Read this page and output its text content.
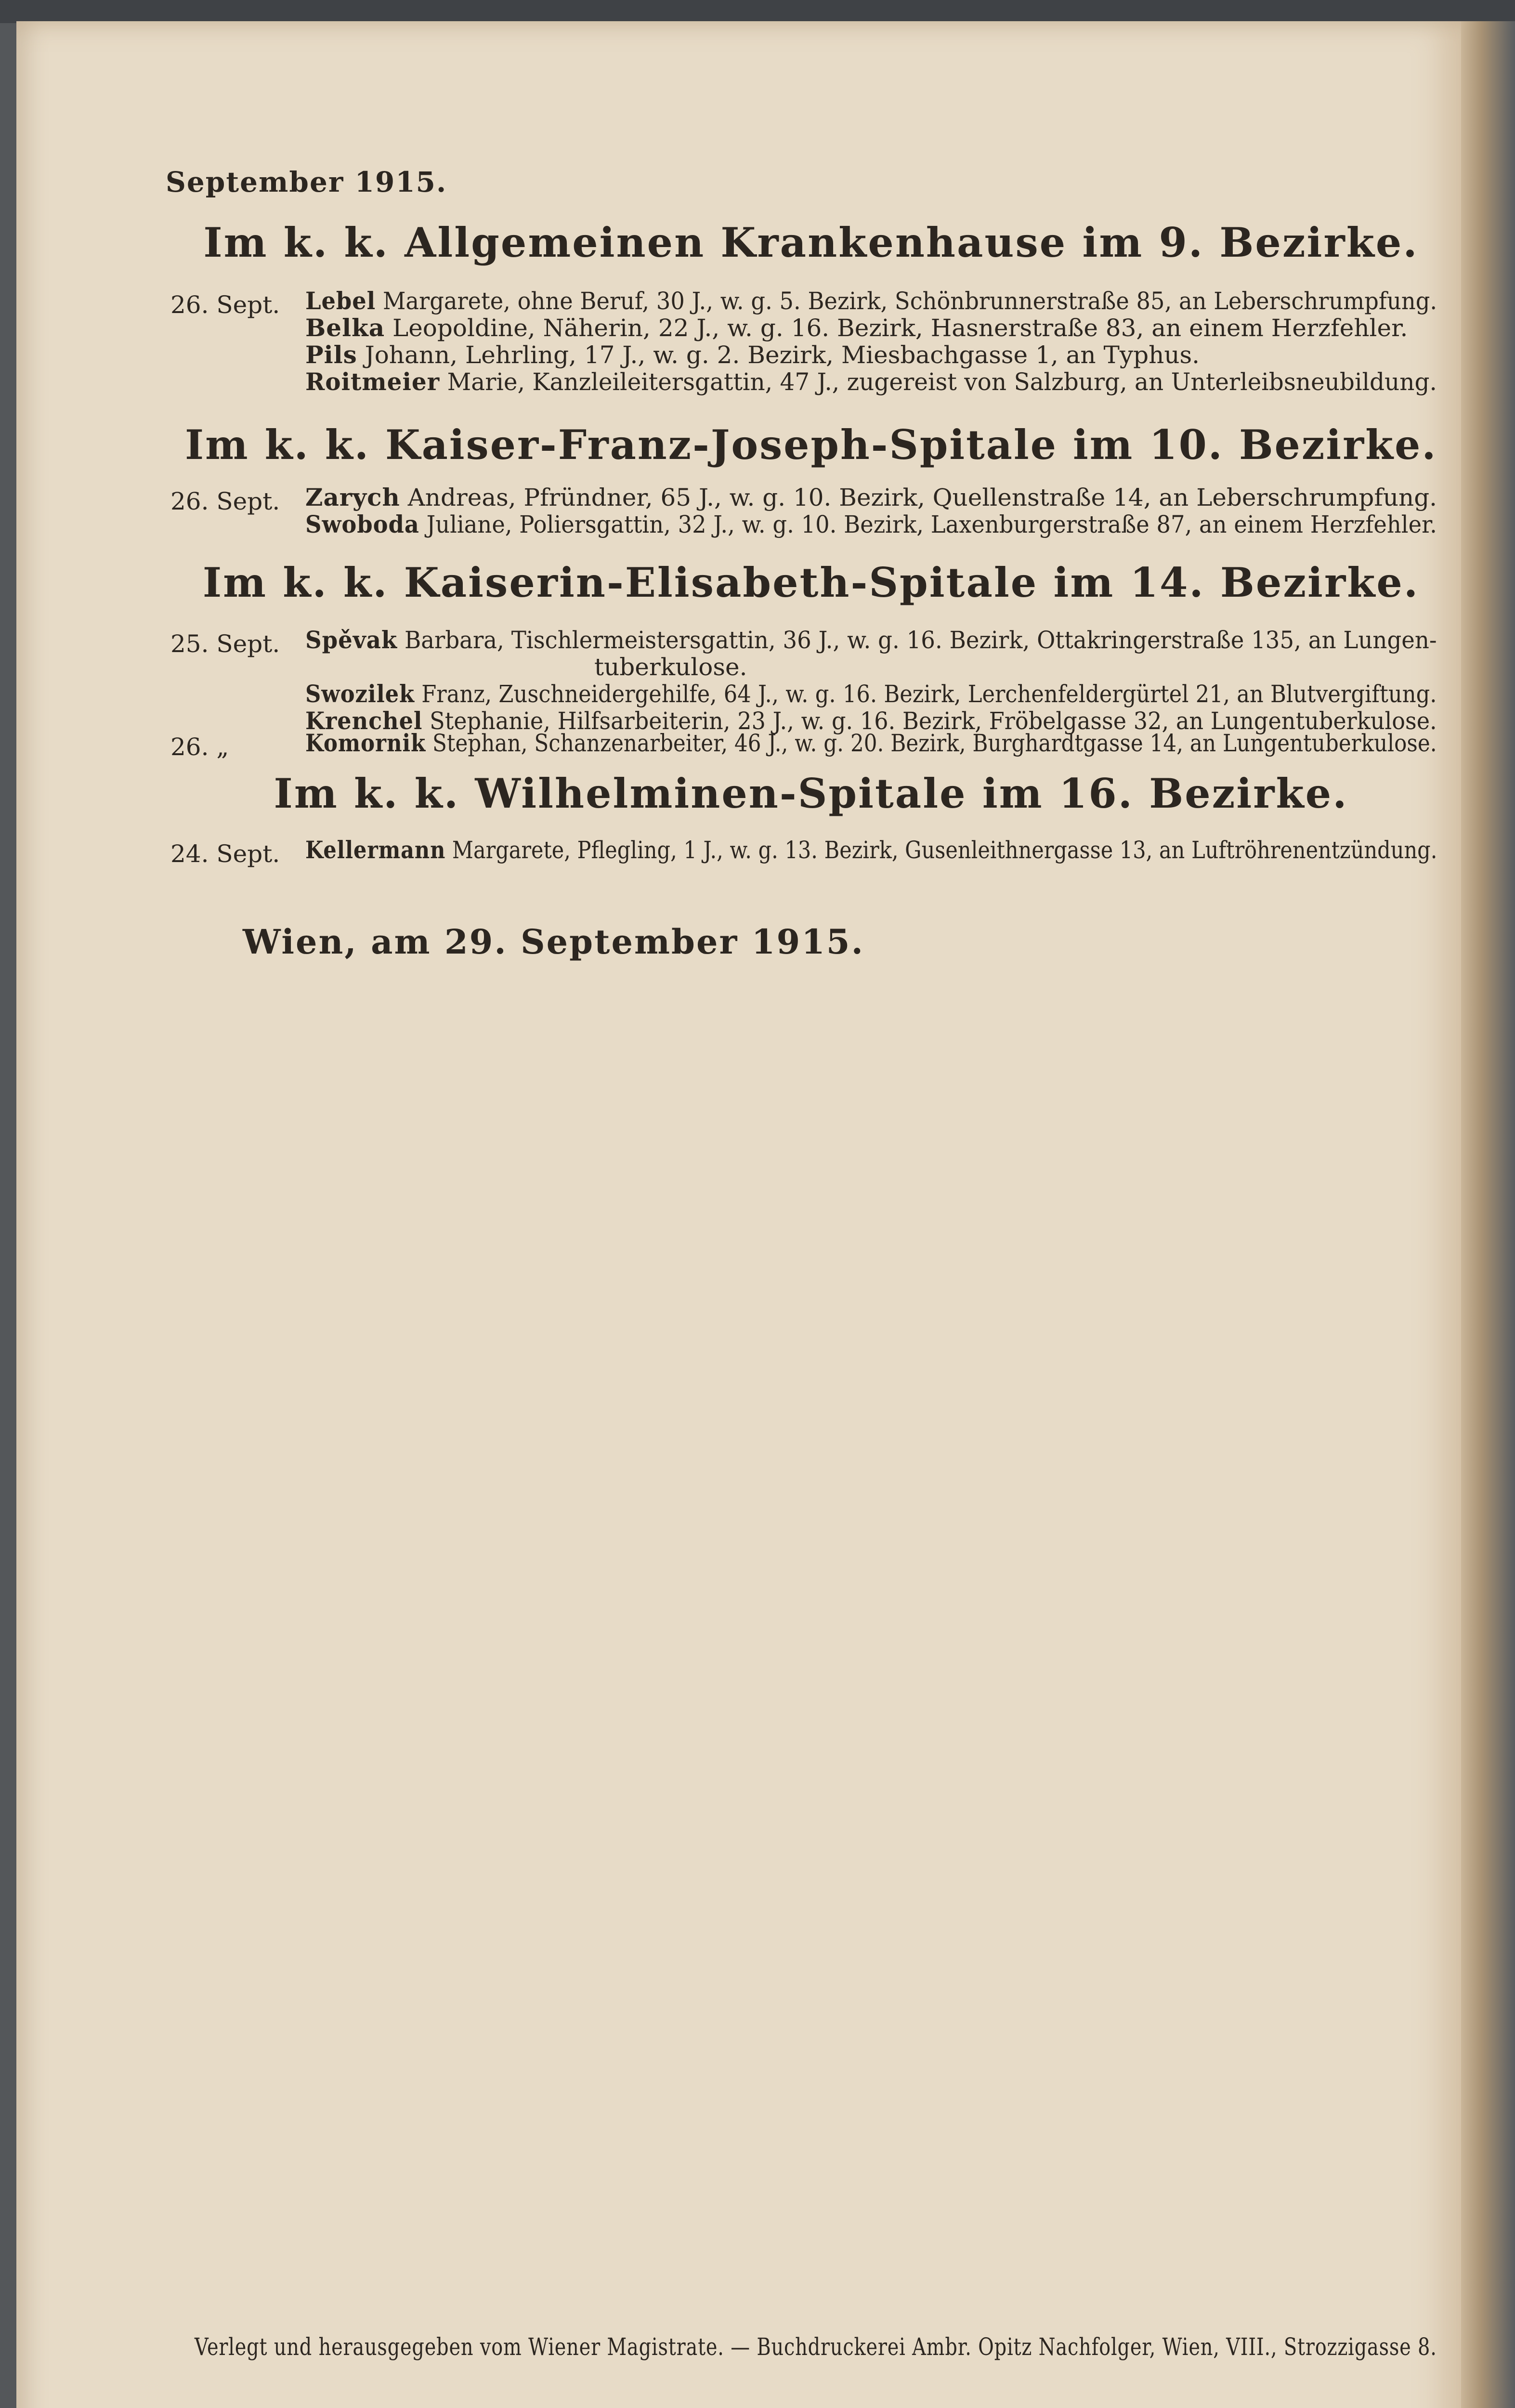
September 1915.
Im k. k. Allgemeinen Krankenhause im 9. Bezirke.
26. Sept. Lebel Margarete, ohne Beruf, 30 J., w. g. 5. Bezirk, Schönbrunnerstraße 85, an Leberschrumpfung.
Belka Leopoldine, Näherin, 22 J., w. g. 16. Bezirk, Hasnerstraße 83, an einem Herzfehler.
Pils Johann, Lehrling, 17 J., w. g. 2. Bezirk, Miesbachgasse 1, an Typhus.
Roitmeier Marie, Kanzleileitersgattin, 47 J., zugereist von Salzburg, an Unterleibsneubildung.
Im k. k. Kaiser-Franz-Joseph-Spitale im 10. Bezirke.
26. Sept. Zarych Andreas, Pfründner, 65 J., w. g. 10. Bezirk, Quellenstraße 14, an Leberschrumpfung.
Swoboda Juliane, Poliersgattin, 32 J., w. g. 10. Bezirk, Laxenburgerstraße 87, an einem Herzfehler.
Im k. k. Kaiserin-Elisabeth-Spitale im 14. Bezirke.
25. Sept. Spěvak Barbara, Tischlermeistersgattin, 36 J., w. g. 16. Bezirk, Ottakringerstraße 135, an Lungen-
tuberkulose.
Swozilek Franz, Zuschneidergehilfe, 64 J., w. g. 16. Bezirk, Lerchenfeldergürtel 21, an Blutvergiftung.
Krenchel Stephanie, Hilfsarbeiterin, 23 J., w. g. 16. Bezirk, Fröbelgasse 32, an Lungentuberkulose.
26. „	Komornik Stephan, Schanzenarbeiter, 46 J., w. g. 20. Bezirk, Burghardtgasse 14, an Lungentuberkulose.
Im k. k. Wilhelminen-Spitale im 16. Bezirke.
24. Sept. Kellermann Margarete, Pflegling, 1 J., w. g. 13. Bezirk, Gusenleithnergasse 13, an Luftröhrenentzündung.
Wien, am 29. September 1915.
Verlegt und herausgegeben vom Wiener Magistrate. — Buchdruckerei Ambr. Opitz Nachfolger, Wien, VIII., Strozzigasse 8.
